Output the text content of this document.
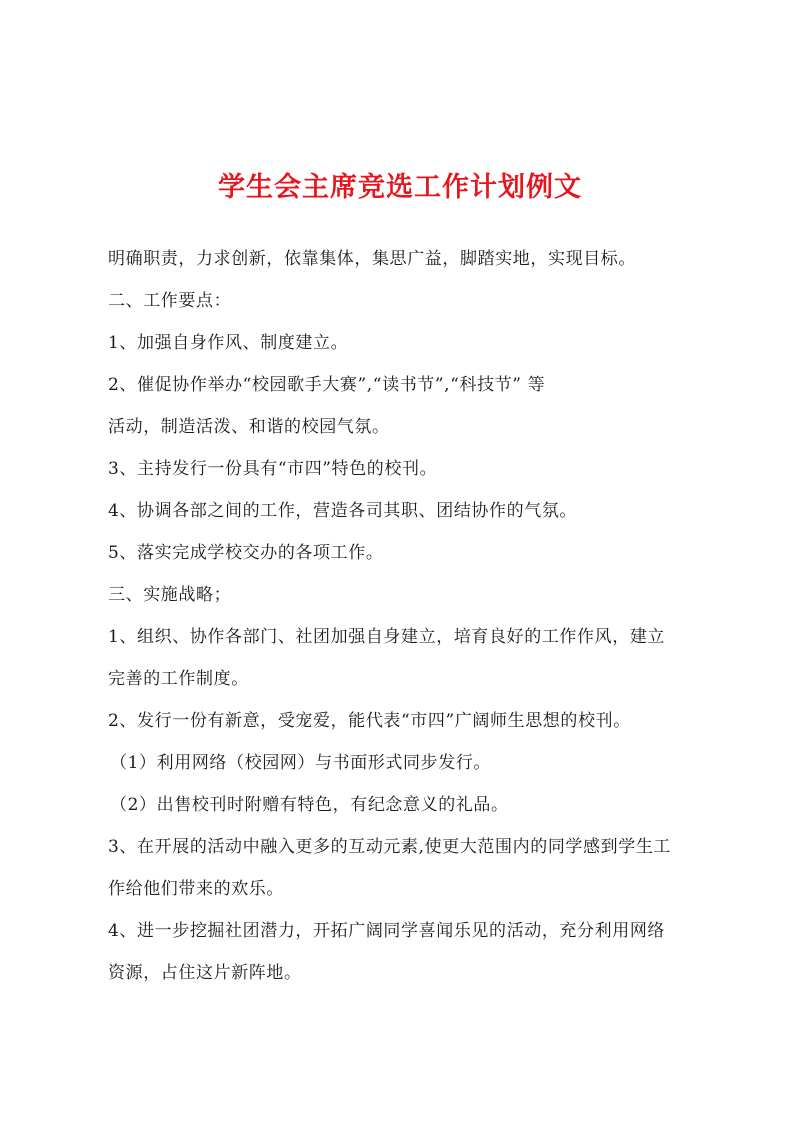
学生会主席竞选工作计划例文
明确职责，力求创新，依靠集体，集思广益，脚踏实地，实现目标。
二、工作要点：
1、加强自身作风、制度建立。
2、催促协作举办“校园歌手大赛”,“读书节”,“科技节” 等
活动，制造活泼、和谐的校园气氛。
3、主持发行一份具有“市四”特色的校刊。
4、协调各部之间的工作，营造各司其职、团结协作的气氛。
5、落实完成学校交办的各项工作。
三、实施战略；
1、组织、协作各部门、社团加强自身建立，培育良好的工作作风，建立
完善的工作制度。
2、发行一份有新意，受宠爱，能代表“市四”广阔师生思想的校刊。
（1）利用网络（校园网）与书面形式同步发行。
（2）出售校刊时附赠有特色，有纪念意义的礼品。
3、在开展的活动中融入更多的互动元素,使更大范围内的同学感到学生工
作给他们带来的欢乐。
4、进一步挖掘社团潜力，开拓广阔同学喜闻乐见的活动，充分利用网络
资源，占住这片新阵地。
